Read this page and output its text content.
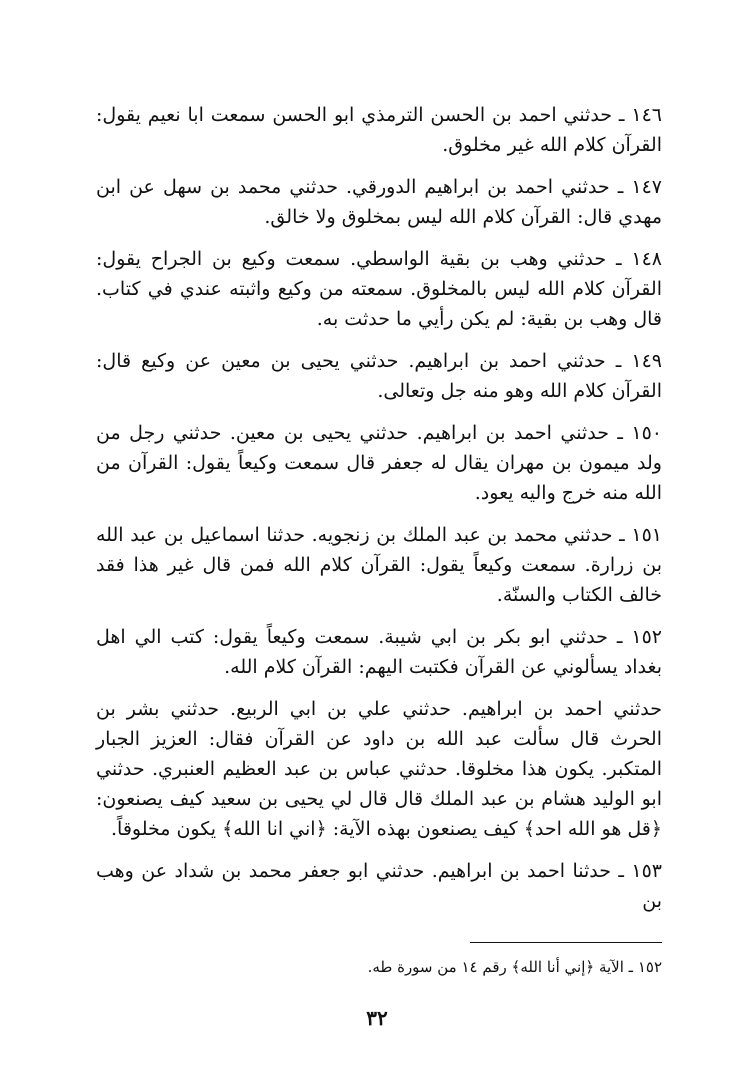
١٤٦ ـ حدثني احمد بن الحسن الترمذي ابو الحسن سمعت ابا نعيم يقول: القرآن كلام الله غير مخلوق.

١٤٧ ـ حدثني احمد بن ابراهيم الدورقي. حدثني محمد بن سهل عن ابن مهدي قال: القرآن كلام الله ليس بمخلوق ولا خالق.

١٤٨ ـ حدثني وهب بن بقية الواسطي. سمعت وكيع بن الجراح يقول: القرآن كلام الله ليس بالمخلوق. سمعته من وكيع واثبته عندي في كتاب. قال وهب بن بقية: لم يكن رأيي ما حدثت به.

١٤٩ ـ حدثني احمد بن ابراهيم. حدثني يحيى بن معين عن وكيع قال: القرآن كلام الله وهو منه جل وتعالى.

١٥٠ ـ حدثني احمد بن ابراهيم. حدثني يحيى بن معين. حدثني رجل من ولد ميمون بن مهران يقال له جعفر قال سمعت وكيعاً يقول: القرآن من الله منه خرج واليه يعود.

١٥١ ـ حدثني محمد بن عبد الملك بن زنجويه. حدثنا اسماعيل بن عبد الله بن زرارة. سمعت وكيعاً يقول: القرآن كلام الله فمن قال غير هذا فقد خالف الكتاب والسنّة.

١٥٢ ـ حدثني ابو بكر بن ابي شيبة. سمعت وكيعاً يقول: كتب الي اهل بغداد يسألوني عن القرآن فكتبت اليهم: القرآن كلام الله.

حدثني احمد بن ابراهيم. حدثني علي بن ابي الربيع. حدثني بشر بن الحرث قال سألت عبد الله بن داود عن القرآن فقال: العزيز الجبار المتكبر. يكون هذا مخلوقا. حدثني عباس بن عبد العظيم العنبري. حدثني ابو الوليد هشام بن عبد الملك قال قال لي يحيى بن سعيد كيف يصنعون: ﴿قل هو الله احد﴾ كيف يصنعون بهذه الآية: ﴿اني انا الله﴾ يكون مخلوقاً.

١٥٣ ـ حدثنا احمد بن ابراهيم. حدثني ابو جعفر محمد بن شداد عن وهب بن

١٥٢ ـ الآية ﴿إني أنا الله﴾ رقم ١٤ من سورة طه.
٣٢
